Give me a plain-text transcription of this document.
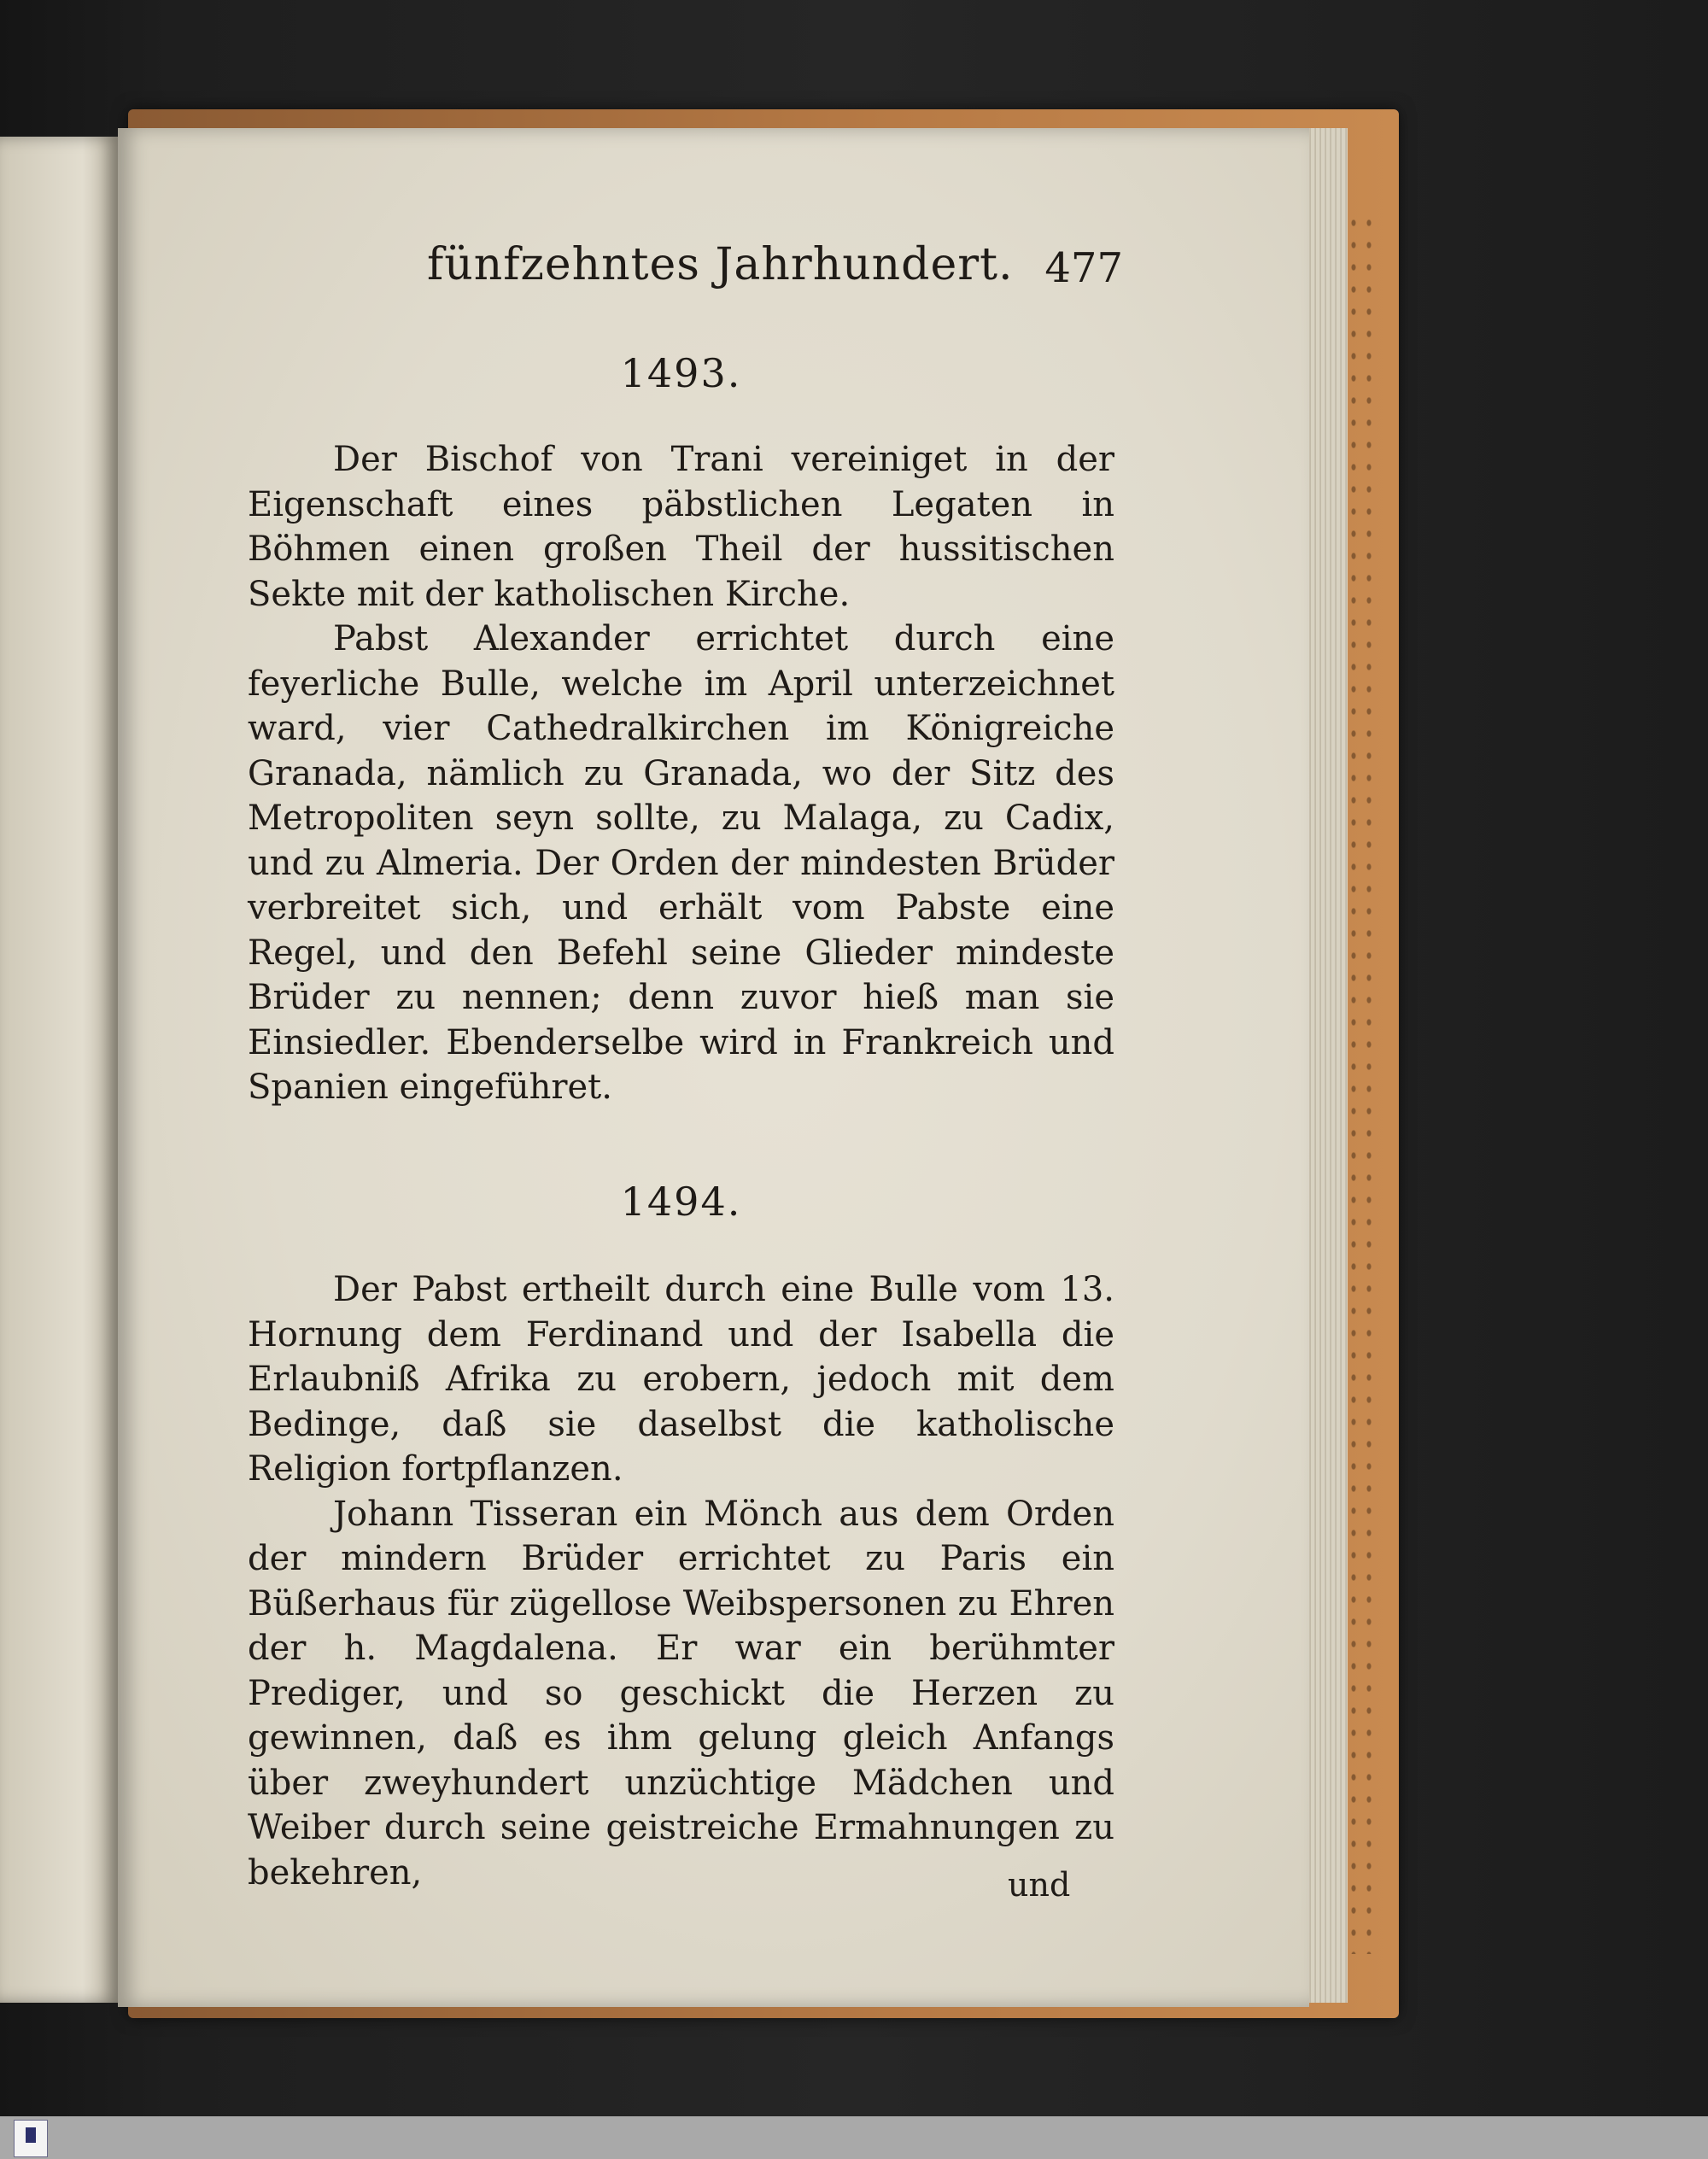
fünfzehntes Jahrhundert. 477
1493.

Der Bischof von Trani vereiniget in der Eigenschaft eines päbstlichen Legaten in Böhmen einen großen Theil der hussitischen Sekte mit der katholischen Kirche.

Pabst Alexander errichtet durch eine feyerliche Bulle, welche im April unterzeichnet ward, vier Cathedralkirchen im Königreiche Granada, nämlich zu Granada, wo der Sitz des Metropoliten seyn sollte, zu Malaga, zu Cadix, und zu Almeria. Der Orden der mindesten Brüder verbreitet sich, und erhält vom Pabste eine Regel, und den Befehl seine Glieder mindeste Brüder zu nennen; denn zuvor hieß man sie Einsiedler. Ebenderselbe wird in Frankreich und Spanien eingeführet.

1494.

Der Pabst ertheilt durch eine Bulle vom 13. Hornung dem Ferdinand und der Isabella die Erlaubniß Afrika zu erobern, jedoch mit dem Bedinge, daß sie daselbst die katholische Religion fortpflanzen.

Johann Tisseran ein Mönch aus dem Orden der mindern Brüder errichtet zu Paris ein Büßerhaus für zügellose Weibspersonen zu Ehren der h. Magdalena. Er war ein berühmter Prediger, und so geschickt die Herzen zu gewinnen, daß es ihm gelung gleich Anfangs über zweyhundert unzüchtige Mädchen und Weiber durch seine geistreiche Ermahnungen zu bekehren,	und
